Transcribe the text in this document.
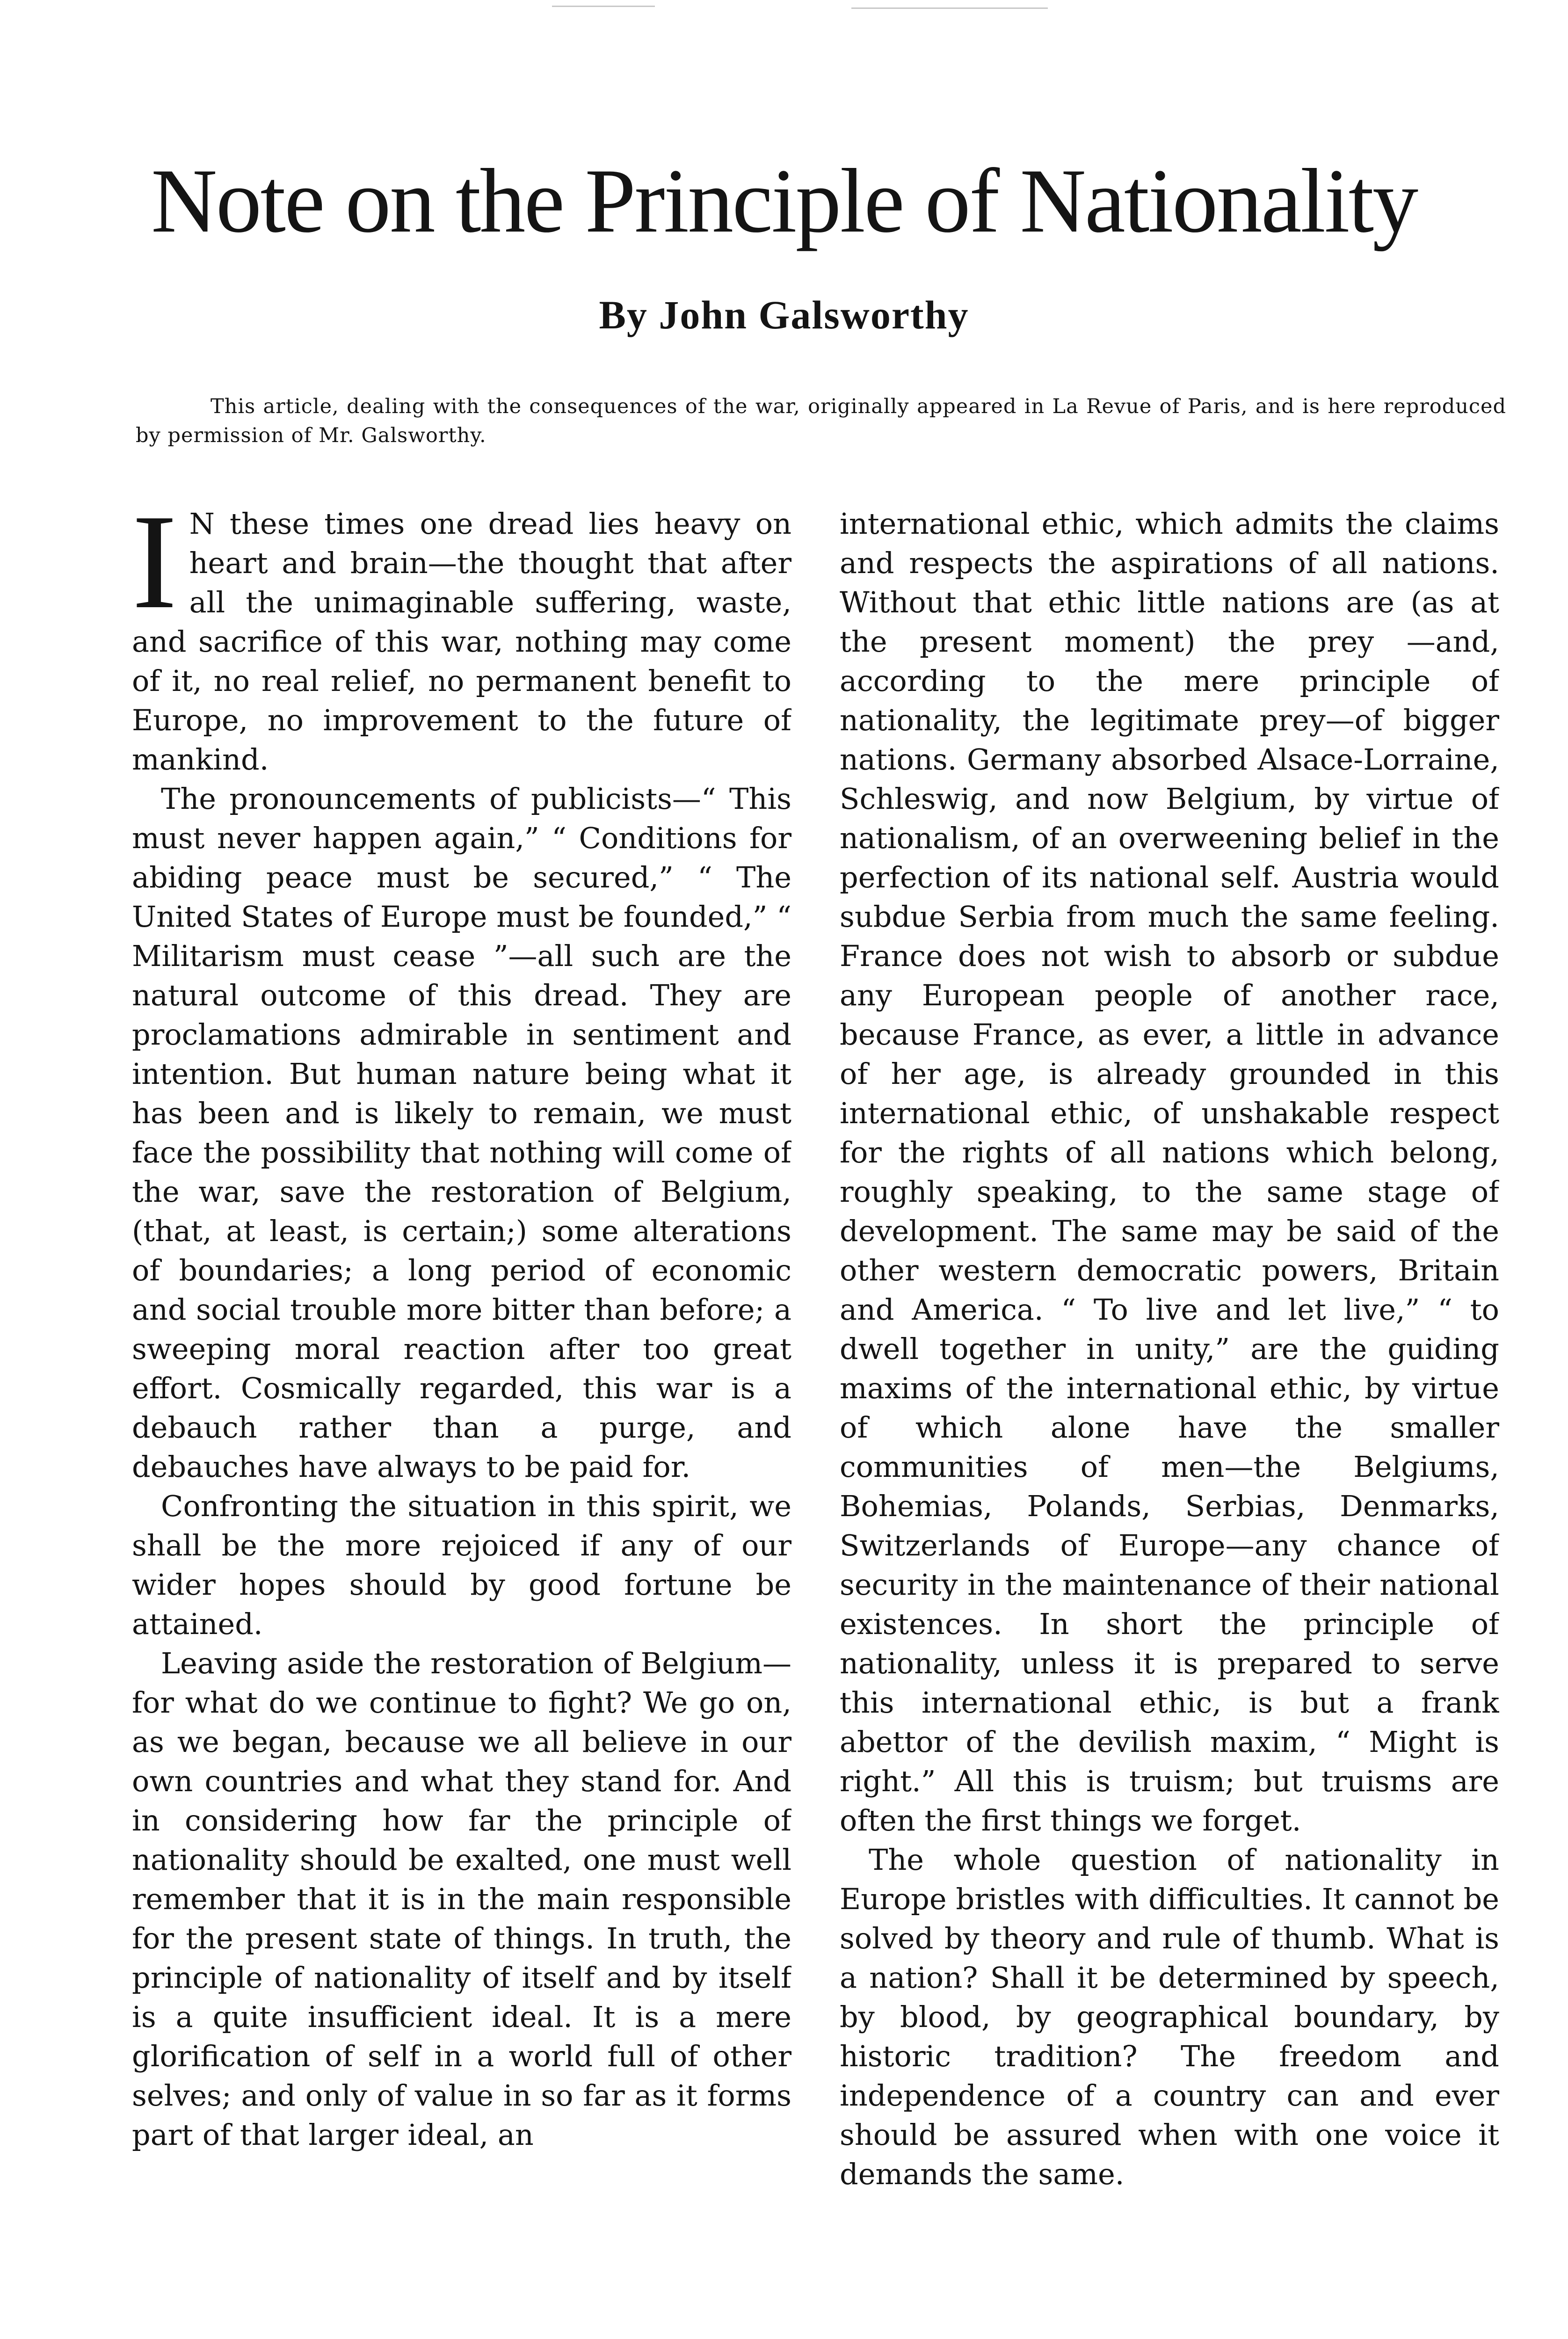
Note on the Principle of Nationality
By John Galsworthy

This article, dealing with the consequences of the war, originally appeared in La Revue of Paris, and is here reproduced by permission of Mr. Galsworthy.

I N these times one dread lies heavy on heart and brain—the thought that after all the unimaginable suffering, waste, and sacrifice of this war, nothing may come of it, no real relief, no permanent benefit to Europe, no improvement to the future of mankind.

The pronouncements of publicists—“ This must never happen again,” “ Conditions for abiding peace must be secured,” “ The United States of Europe must be founded,” “ Militarism must cease ”—all such are the natural outcome of this dread. They are proclamations admirable in sentiment and intention. But human nature being what it has been and is likely to remain, we must face the possibility that nothing will come of the war, save the restoration of Belgium, (that, at least, is certain;) some alterations of boundaries; a long period of economic and social trouble more bitter than before; a sweeping moral reaction after too great effort. Cosmically regarded, this war is a debauch rather than a purge, and debauches have always to be paid for.

Confronting the situation in this spirit, we shall be the more rejoiced if any of our wider hopes should by good fortune be attained.

Leaving aside the restoration of Belgium—for what do we continue to fight? We go on, as we began, because we all believe in our own countries and what they stand for. And in considering how far the principle of nationality should be exalted, one must well remember that it is in the main responsible for the present state of things. In truth, the principle of nationality of itself and by itself is a quite insufficient ideal. It is a mere glorification of self in a world full of other selves; and only of value in so far as it forms part of that larger ideal, an

international ethic, which admits the claims and respects the aspirations of all nations. Without that ethic little nations are (as at the present moment) the prey —and, according to the mere principle of nationality, the legitimate prey—of bigger nations. Germany absorbed Alsace-Lorraine, Schleswig, and now Belgium, by virtue of nationalism, of an overweening belief in the perfection of its national self. Austria would subdue Serbia from much the same feeling. France does not wish to absorb or subdue any European people of another race, because France, as ever, a little in advance of her age, is already grounded in this international ethic, of unshakable respect for the rights of all nations which belong, roughly speaking, to the same stage of development. The same may be said of the other western democratic powers, Britain and America. “ To live and let live,” “ to dwell together in unity,” are the guiding maxims of the international ethic, by virtue of which alone have the smaller communities of men—the Belgiums, Bohemias, Polands, Serbias, Denmarks, Switzerlands of Europe—any chance of security in the maintenance of their national existences. In short the principle of nationality, unless it is prepared to serve this international ethic, is but a frank abettor of the devilish maxim, “ Might is right.” All this is truism; but truisms are often the first things we forget.

The whole question of nationality in Europe bristles with difficulties. It cannot be solved by theory and rule of thumb. What is a nation? Shall it be determined by speech, by blood, by geographical boundary, by historic tradition? The freedom and independence of a country can and ever should be assured when with one voice it demands the same.
